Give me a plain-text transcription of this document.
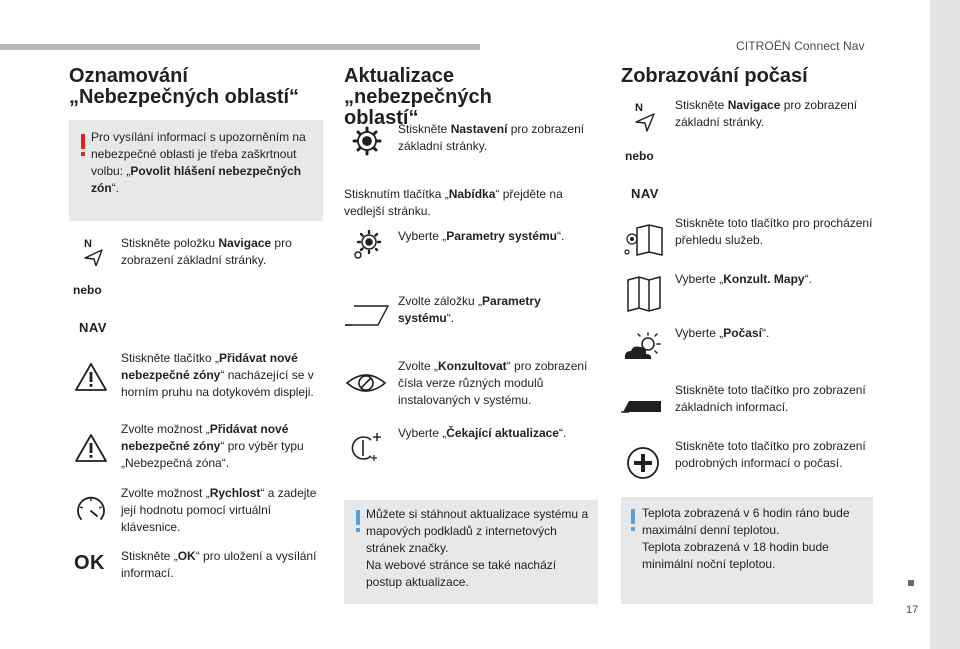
CITROËN Connect Nav
17
Oznamování
„Nebezpečných oblastí“
Pro vysílání informací s upozorněním na nebezpečné oblasti je třeba zaškrtnout volbu: „Povolit hlášení nebezpečných zón“.
N Stiskněte položku Navigace pro zobrazení základní stránky.
nebo
NAV
Stiskněte tlačítko „Přidávat nové nebezpečné zóny“ nacházející se v horním pruhu na dotykovém displeji.
Zvolte možnost „Přidávat nové nebezpečné zóny“ pro výběr typu „Nebezpečná zóna“.
Zvolte možnost „Rychlost“ a zadejte její hodnotu pomocí virtuální klávesnice.
OK Stiskněte „OK“ pro uložení a vysílání informací.
Aktualizace „nebezpečných
oblastí“
Stiskněte Nastavení pro zobrazení základní stránky.
Stisknutím tlačítka „Nabídka“ přejděte na vedlejší stránku.
Vyberte „Parametry systému“.
Zvolte záložku „Parametry systému“.
Zvolte „Konzultovat“ pro zobrazení čísla verze různých modulů instalovaných v systému.
Vyberte „Čekající aktualizace“.
Můžete si stáhnout aktualizace systému a mapových podkladů z internetových stránek značky.
Na webové stránce se také nachází postup aktualizace.
Zobrazování počasí
N	Stiskněte Navigace pro zobrazení základní stránky.
nebo
NAV
Stiskněte toto tlačítko pro procházení přehledu služeb.
Vyberte „Konzult. Mapy“.
Vyberte „Počasí“.
Stiskněte toto tlačítko pro zobrazení základních informací.
Stiskněte toto tlačítko pro zobrazení podrobných informací o počasí.
Teplota zobrazená v 6 hodin ráno bude maximální denní teplotou.
Teplota zobrazená v 18 hodin bude minimální noční teplotou.
